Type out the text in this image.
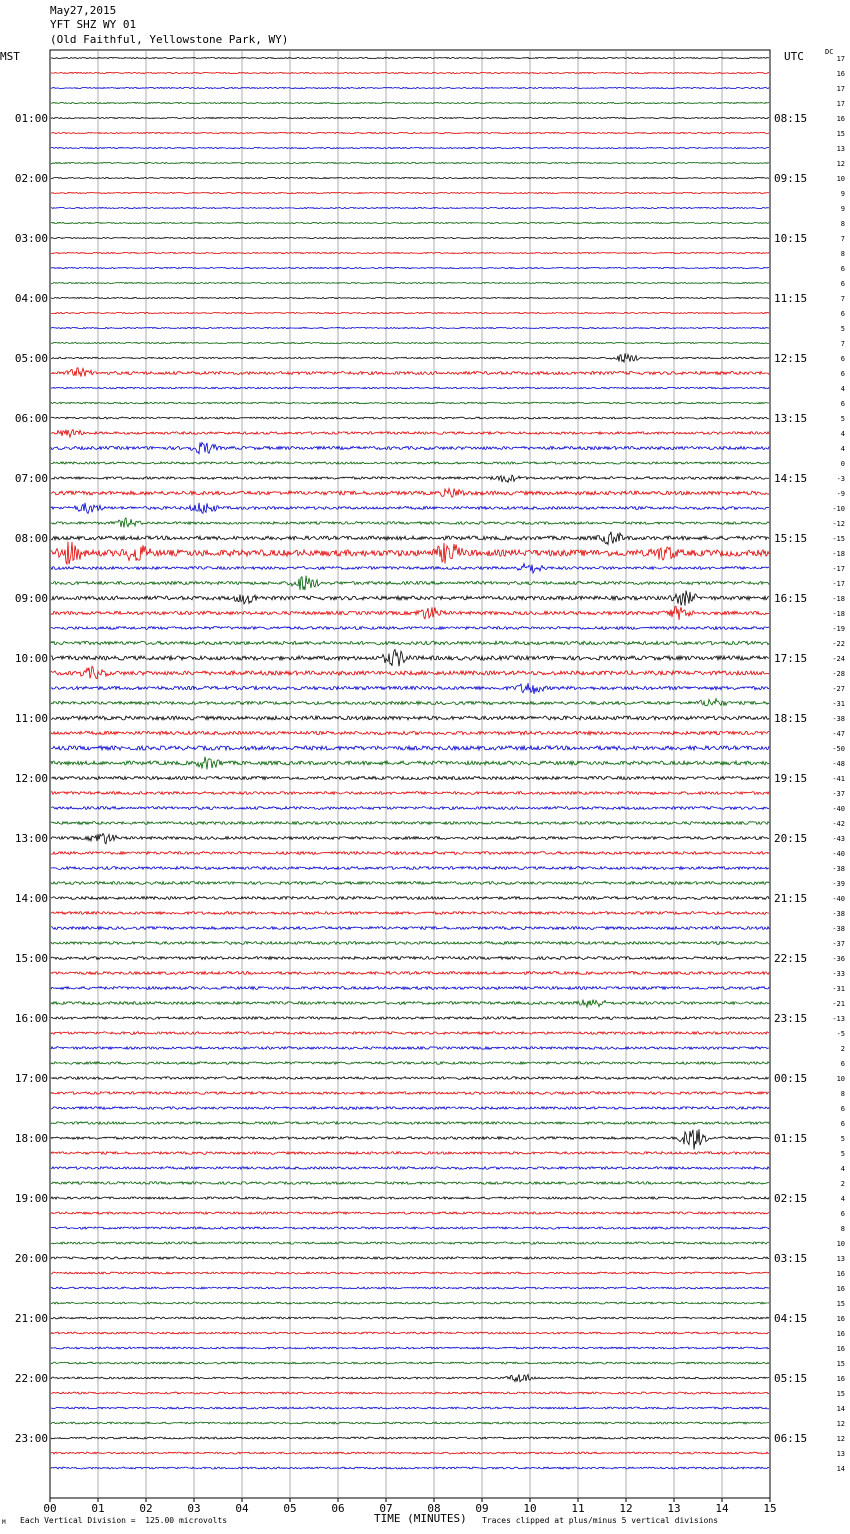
May27,2015
YFT SHZ WY 01
(Old Faithful, Yellowstone Park, WY)
MST	UTC	DC
01:00
02:00
03:00
04:00
05:00
06:00
07:00
08:00
09:00
10:00
11:00
12:00
13:00
14:00
15:00
16:00
17:00
18:00
19:00
20:00
21:00
22:00
23:00
08:15
09:15
10:15
11:15
12:15
13:15
14:15
15:15
16:15
17:15
18:15
19:15
20:15
21:15
22:15
23:15
00:15
01:15
02:15
03:15
04:15
05:15
06:15
17
16
17
17
16
15
13
12
10
9
9
8
7
8
6
6
7
6
5
7
6
6
4
6
5
4
4
0
-3
-9
-10
-12
-15
-18
-17
-17
-18
-18
-19
-22
-24
-28
-27
-31
-38
-47
-50
-48
-41
-37
-40
-42
-43
-40
-38
-39
-40
-38
-38
-37
-36
-33
-31
-21
-13
-5
2
6
10
8
6
6
5
5
4
2
4
6
8
10
13
16
16
15
16
16
16
15
16
15
14
12
12
13
14
00	01	02	03	04	05	06	07	08	09	10	11	12	13	14	15
TIME (MINUTES)
Each Vertical Division =  125.00 microvolts	Traces clipped at plus/minus 5 vertical divisions
M
